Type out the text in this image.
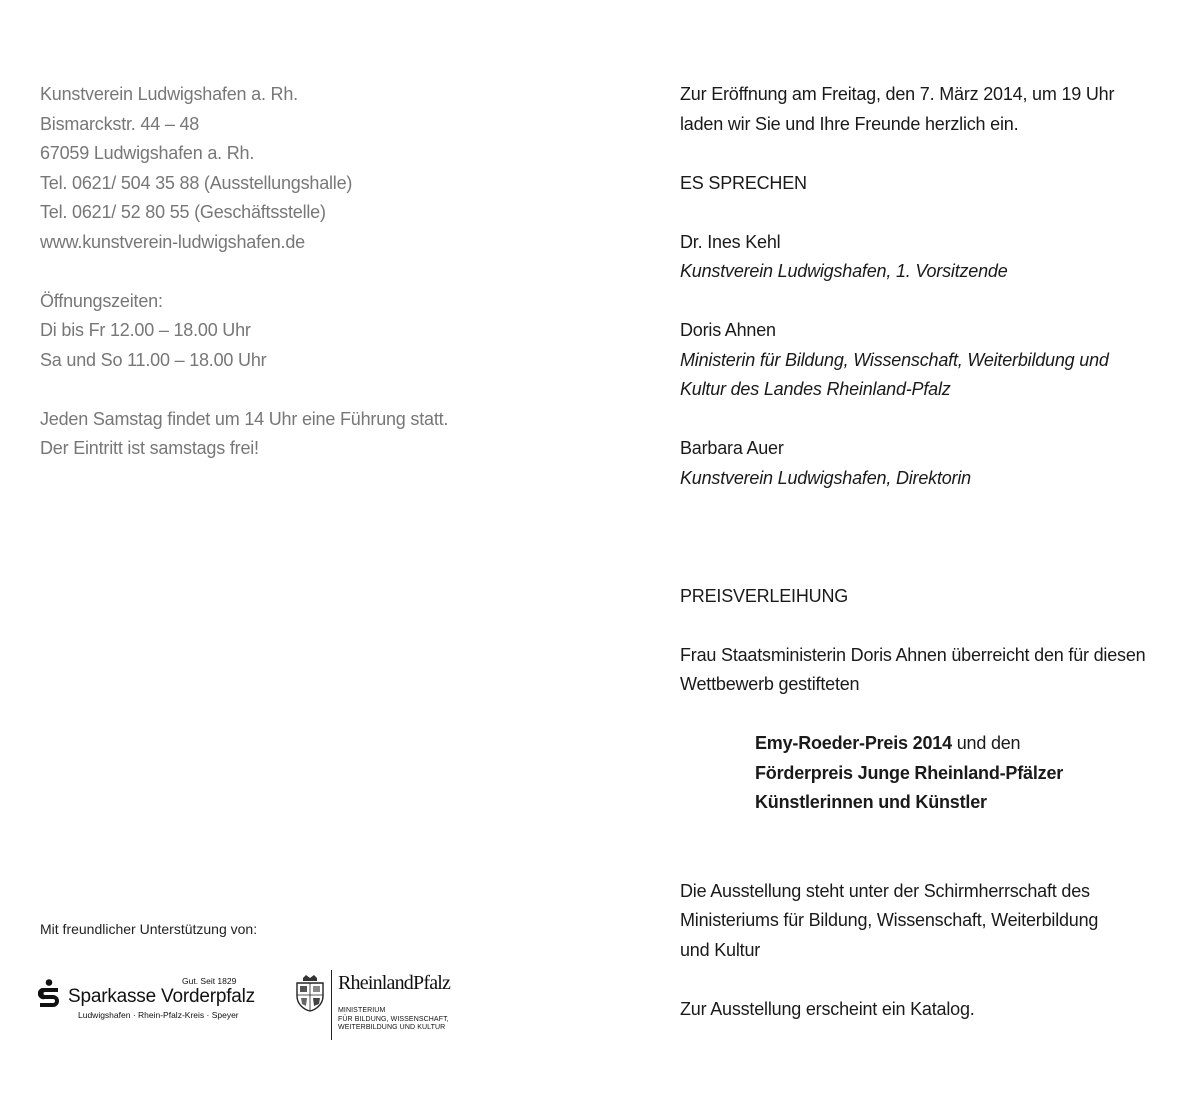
Kunstverein Ludwigshafen a. Rh.
Bismarckstr. 44 – 48
67059 Ludwigshafen a. Rh.
Tel. 0621/ 504 35 88 (Ausstellungshalle)
Tel. 0621/ 52 80 55 (Geschäftsstelle)
www.kunstverein-ludwigshafen.de
Öffnungszeiten:
Di bis Fr 12.00 – 18.00 Uhr
Sa und So 11.00 – 18.00 Uhr
Jeden Samstag findet um 14 Uhr eine Führung statt.
Der Eintritt ist samstags frei!
Mit freundlicher Unterstützung von:
Gut. Seit 1829
Sparkasse Vorderpfalz
Ludwigshafen · Rhein-Pfalz-Kreis · Speyer
RheinlandPfalz
MINISTERIUM
FÜR BILDUNG, WISSENSCHAFT,
WEITERBILDUNG UND KULTUR
Zur Eröffnung am Freitag, den 7. März 2014, um 19 Uhr
laden wir Sie und Ihre Freunde herzlich ein.
ES SPRECHEN
Dr. Ines Kehl
Kunstverein Ludwigshafen, 1. Vorsitzende
Doris Ahnen
Ministerin für Bildung, Wissenschaft, Weiterbildung und
Kultur des Landes Rheinland-Pfalz
Barbara Auer
Kunstverein Ludwigshafen, Direktorin
PREISVERLEIHUNG
Frau Staatsministerin Doris Ahnen überreicht den für diesen
Wettbewerb gestifteten
Emy-Roeder-Preis 2014 und den
Förderpreis Junge Rheinland-Pfälzer
Künstlerinnen und Künstler
Die Ausstellung steht unter der Schirmherrschaft des
Ministeriums für Bildung, Wissenschaft, Weiterbildung
und Kultur
Zur Ausstellung erscheint ein Katalog.
